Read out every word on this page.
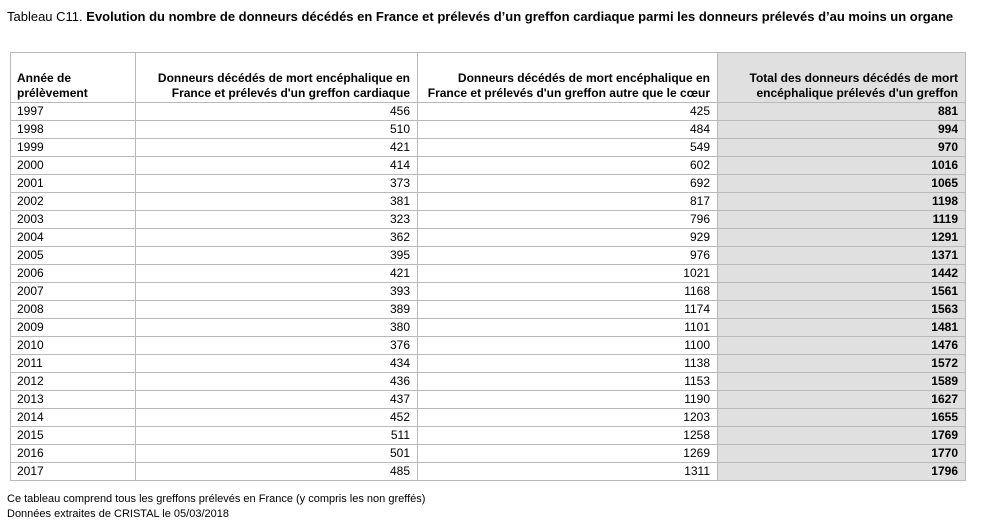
Tableau C11. Evolution du nombre de donneurs décédés en France et prélevés d’un greffon cardiaque parmi les donneurs prélevés d’au moins un organe
Année de prélèvement	Donneurs décédés de mort encéphalique en France et prélevés d'un greffon cardiaque	Donneurs décédés de mort encéphalique en France et prélevés d'un greffon autre que le cœur	Total des donneurs décédés de mort encéphalique prélevés d'un greffon
1997	456	425	881
1998	510	484	994
1999	421	549	970
2000	414	602	1016
2001	373	692	1065
2002	381	817	1198
2003	323	796	1119
2004	362	929	1291
2005	395	976	1371
2006	421	1021	1442
2007	393	1168	1561
2008	389	1174	1563
2009	380	1101	1481
2010	376	1100	1476
2011	434	1138	1572
2012	436	1153	1589
2013	437	1190	1627
2014	452	1203	1655
2015	511	1258	1769
2016	501	1269	1770
2017	485	1311	1796
Ce tableau comprend tous les greffons prélevés en France (y compris les non greffés)
Données extraites de CRISTAL le 05/03/2018
